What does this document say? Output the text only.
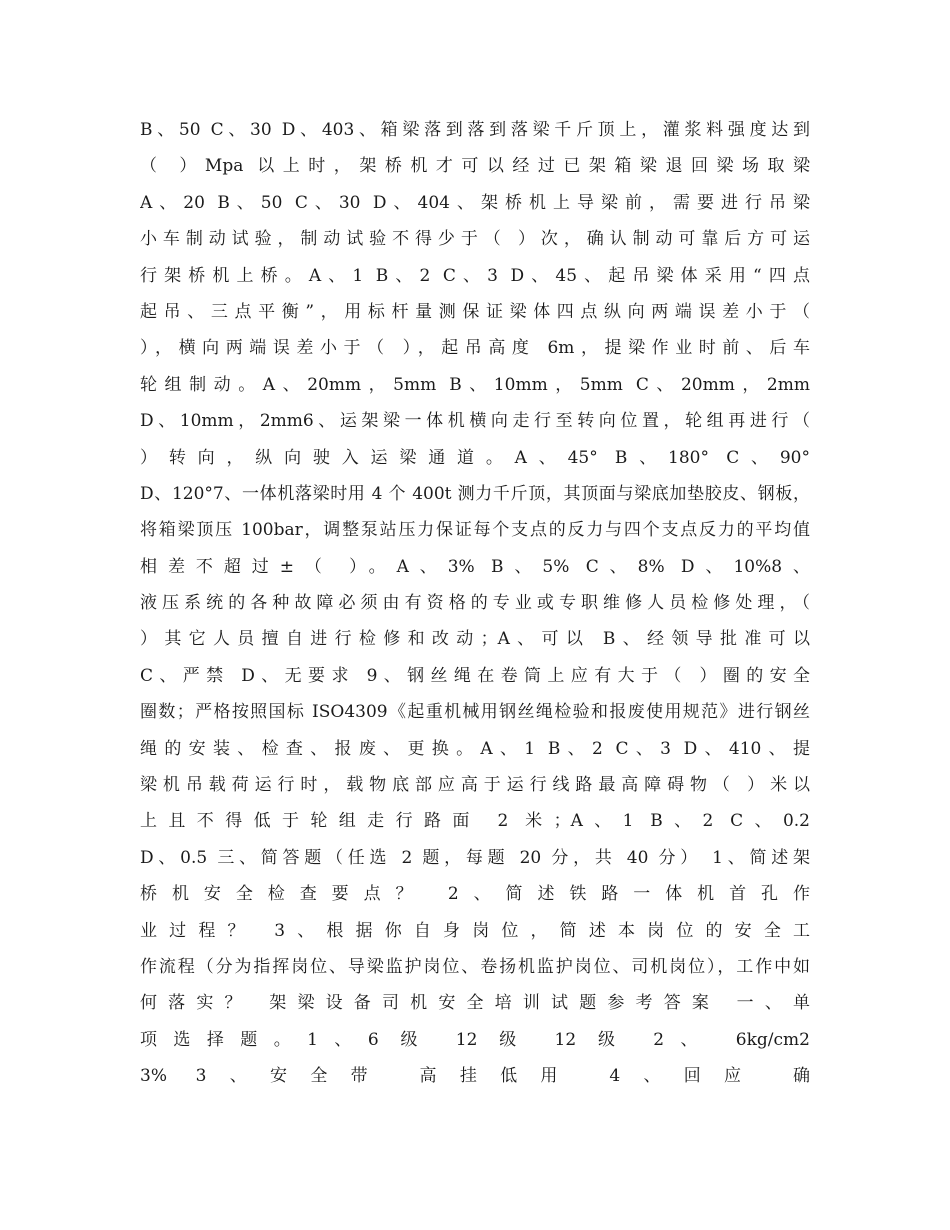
B、50 C、30 D、403、箱梁落到落到落梁千斤顶上，灌浆料强度达到
（ ）Mpa 以上时，架桥机才可以经过已架箱梁退回梁场取梁
A、20 B、50 C、30 D、404、架桥机上导梁前，需要进行吊梁
小车制动试验，制动试验不得少于（ ）次，确认制动可靠后方可运
行架桥机上桥。A、1 B、2 C、3 D、45、起吊梁体采用“四点
起吊、三点平衡”，用标杆量测保证梁体四点纵向两端误差小于（
），横向两端误差小于（ ），起吊高度 6m，提梁作业时前、后车
轮组制动。A、20mm，5mm B、10mm，5mm C、20mm，2mm
D、10mm，2mm6、运架梁一体机横向走行至转向位置，轮组再进行（
）转向，纵向驶入运梁通道。A、45° B、180° C、90°
D、120°7、一体机落梁时用 4 个 400t 测力千斤顶，其顶面与梁底加垫胶皮、钢板，
将箱梁顶压 100bar，调整泵站压力保证每个支点的反力与四个支点反力的平均值
相差不超过±（ ）。A、3% B、5% C、8% D、10%8、
液压系统的各种故障必须由有资格的专业或专职维修人员检修处理，（
）其它人员擅自进行检修和改动；A、可以 B、经领导批准可以
C、严禁 D、无要求 9、钢丝绳在卷筒上应有大于（ ）圈的安全
圈数；严格按照国标 ISO4309《起重机械用钢丝绳检验和报废使用规范》进行钢丝
绳的安装、检查、报废、更换。A、1 B、2 C、3 D、410、提
梁机吊载荷运行时，载物底部应高于运行线路最高障碍物（ ）米以
上且不得低于轮组走行路面 2 米；A、1 B、2 C、0.2
D、0.5 三、简答题（任选 2 题，每题 20 分，共 40 分） 1、简述架
桥机安全检查要点？ 2、简述铁路一体机首孔作
业过程？ 3、根据你自身岗位，简述本岗位的安全工
作流程（分为指挥岗位、导梁监护岗位、卷扬机监护岗位、司机岗位），工作中如
何落实？ 架梁设备司机安全培训试题参考答案 一、单
项选择题。1、6 级 12 级 12 级 2、 6kg/cm2
3% 3、安全带 高挂低用 4、回应 确
